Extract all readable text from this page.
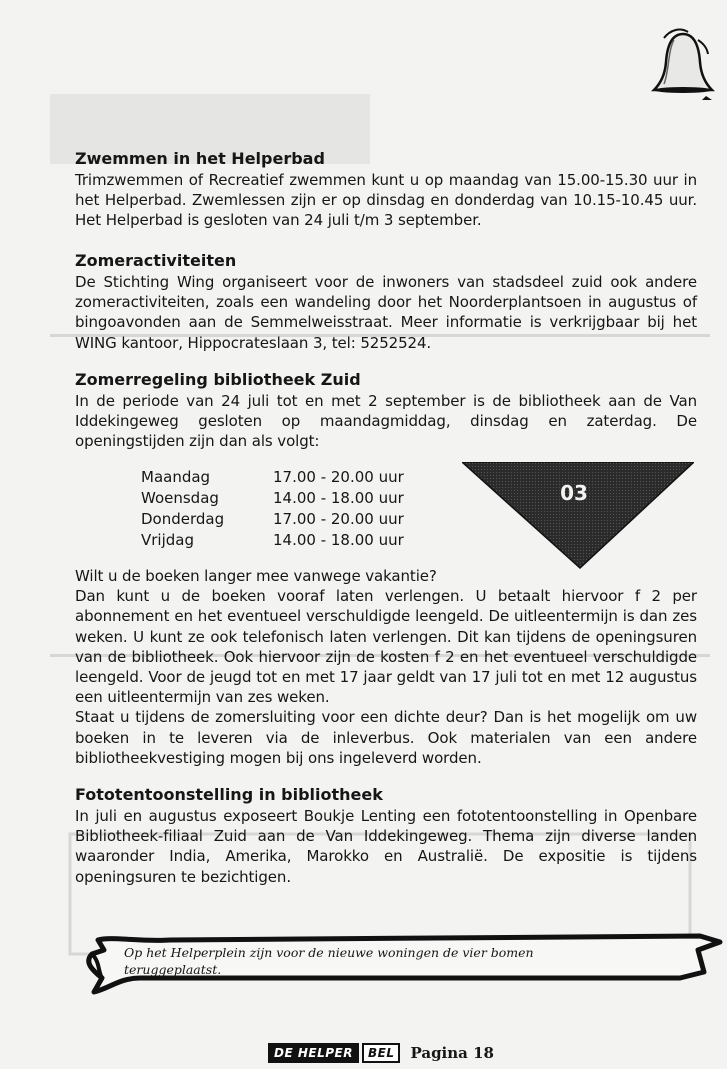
Zwemmen in het Helperbad

Trimzwemmen of Recreatief zwemmen kunt u op maandag van 15.00-15.30 uur in het Helperbad. Zwemlessen zijn er op dinsdag en donderdag van 10.15-10.45 uur. Het Helperbad is gesloten van 24 juli t/m 3 september.

Zomeractiviteiten

De Stichting Wing organiseert voor de inwoners van stadsdeel zuid ook andere zomeractiviteiten, zoals een wandeling door het Noorderplantsoen in augustus of bingoavonden aan de Semmelweisstraat. Meer informatie is verkrijgbaar bij het WING kantoor, Hippocrateslaan 3, tel: 5252524.

Zomerregeling bibliotheek Zuid

In de periode van 24 juli tot en met 2 september is de bibliotheek aan de Van Iddekingeweg gesloten op maandagmiddag, dinsdag en zaterdag. De openingstijden zijn dan als volgt:

Maandag	17.00 - 20.00 uur
Woensdag	14.00 - 18.00 uur
Donderdag	17.00 - 20.00 uur
Vrijdag	14.00 - 18.00 uur
03

Wilt u de boeken langer mee vanwege vakantie?

Dan kunt u de boeken vooraf laten verlengen. U betaalt hiervoor f 2 per abonnement en het eventueel verschuldigde leengeld. De uitleentermijn is dan zes weken. U kunt ze ook telefonisch laten verlengen. Dit kan tijdens de openingsuren van de bibliotheek. Ook hiervoor zijn de kosten f 2 en het eventueel verschuldigde leengeld. Voor de jeugd tot en met 17 jaar geldt van 17 juli tot en met 12 augustus een uitleentermijn van zes weken.

Staat u tijdens de zomersluiting voor een dichte deur? Dan is het mogelijk om uw boeken in te leveren via de inleverbus. Ook materialen van een andere bibliotheekvestiging mogen bij ons ingeleverd worden.

Fototentoonstelling in bibliotheek

In juli en augustus exposeert Boukje Lenting een fototentoonstelling in Openbare Bibliotheek-filiaal Zuid aan de Van Iddekingeweg. Thema zijn diverse landen waaronder India, Amerika, Marokko en Australië. De expositie is tijdens openingsuren te bezichtigen.

Op het Helperplein zijn voor de nieuwe woningen de vier bomen teruggeplaatst.
DE HELPER	BEL	Pagina 18
